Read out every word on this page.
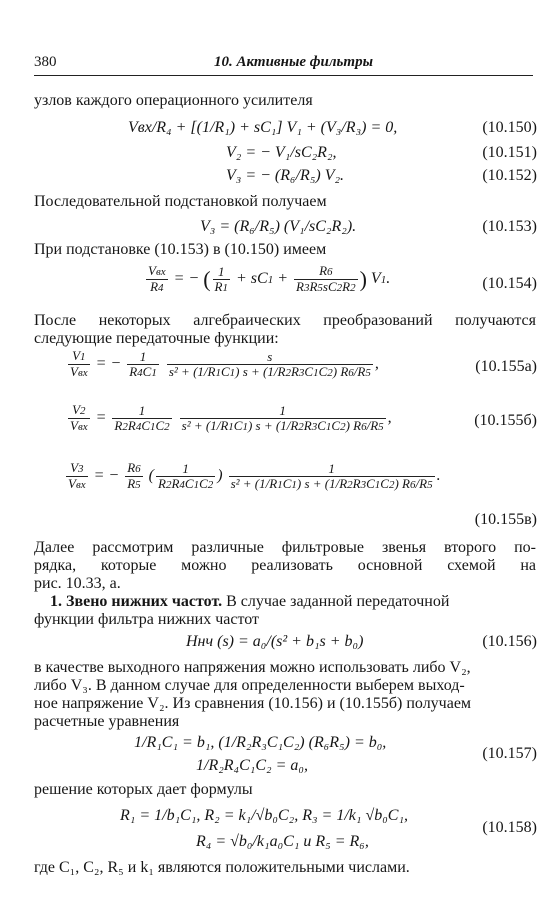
380	10. Активные фильтры
узлов каждого операционного усилителя
Vвх/R₄ + [(1/R₁) + sC₁] V₁ + (V₃/R₃) = 0,	(10.150)
V₂ = − V₁/sC₂R₂,	(10.151)
V₃ = − (R₆/R₅) V₂.	(10.152)
Последовательной подстановкой получаем
V₃ = (R₆/R₅) (V₁/sC₂R₂).	(10.153)
При подстановке (10.153) в (10.150) имеем
$\frac{\text{Vвх}}{R4}$ = − ( $\frac{1}{R1} + sC1 + \frac{R6}{R3R5sC2R2}$ ) V1.	(10.154)
После некоторых алгебраических преобразований получаются
следующие передаточные функции:
$\frac{V1}{\text{Vвх}}$ = − $\frac{1}{R4C1}$
$\frac{s}{\text{s² + (1/R1C1) s + (1/R2R3C1C2) R6/R5}}$ ,	(10.155a)
$\frac{V2}{\text{Vвх}} = \frac{1}{R2R4C1C2}$
$\frac{1}{\text{s² + (1/R1C1) s + (1/R2R3C1C2) R6/R5}}$ ,	(10.155б)
$\frac{V3}{\text{Vвх}}$ = − $\frac{R6}{R5}$ ( $\frac{1}{R2R4C1C2}$ ) $\frac{1}{\text{s² + (1/R1C1) s + (1/R2R3C1C2) R6/R5}}$ .
(10.155в)
Далее рассмотрим различные фильтровые звенья второго по-
рядка, которые можно реализовать основной схемой на
рис. 10.33, а.
1. Звено нижних частот. В случае заданной передаточной
функции фильтра нижних частот
Hнч (s) = a₀/(s² + b₁s + b₀)	(10.156)
в качестве выходного напряжения можно использовать либо V₂,
либо V₃. В данном случае для определенности выберем выход-
ное напряжение V₂. Из сравнения (10.156) и (10.155б) получаем
расчетные уравнения
1/R₁C₁ = b₁, (1/R₂R₃C₁C₂) (R₆R₅) = b₀,
1/R₂R₄C₁C₂ = a₀,
(10.157)
решение которых дает формулы
R₁ = 1/b₁C₁, R₂ = k₁/√b₀C₂, R₃ = 1/k₁ √b₀C₁,
R₄ = √b₀/k₁a₀C₁ и R₅ = R₆,
(10.158)
где C₁, C₂, R₅ и k₁ являются положительными числами.
